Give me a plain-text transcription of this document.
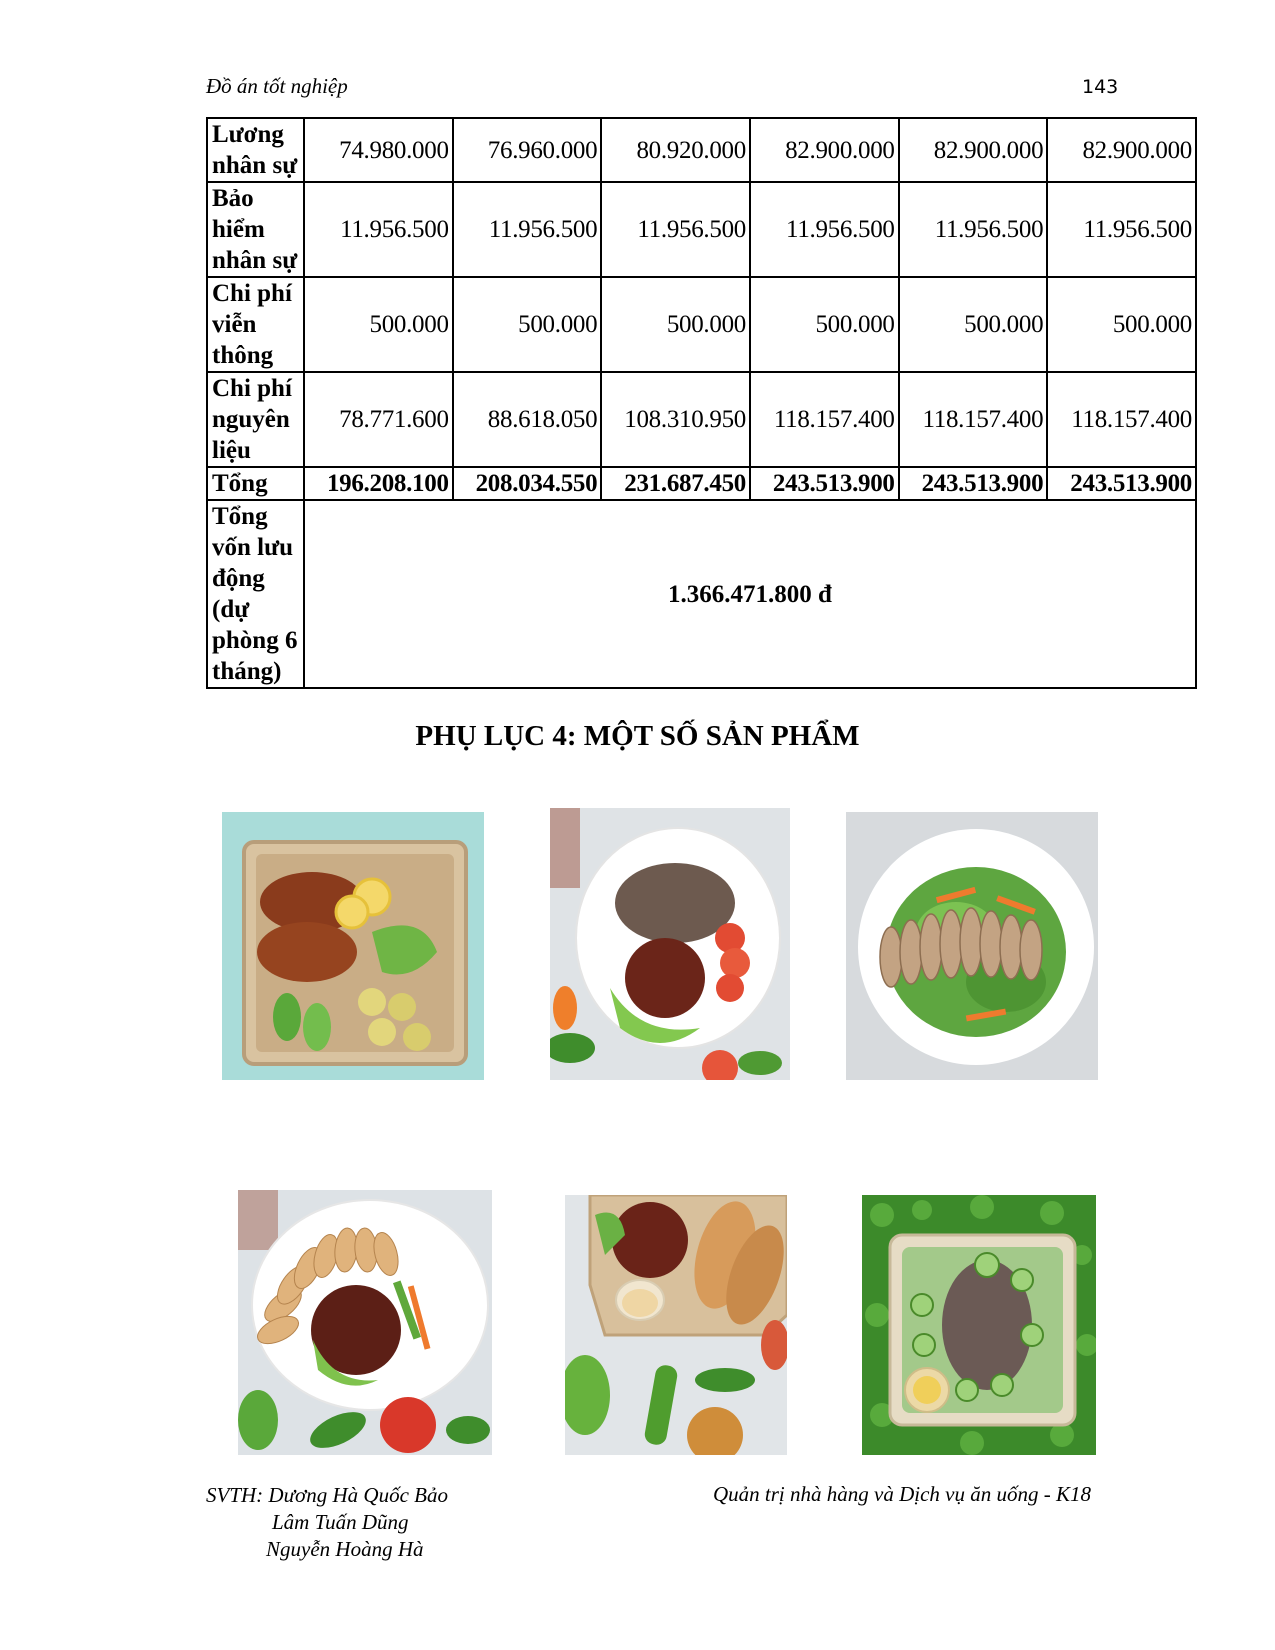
Đồ án tốt nghiệp	143
Lương nhân sự	74.980.000	76.960.000	80.920.000	82.900.000	82.900.000	82.900.000
Bảo hiểm nhân sự	11.956.500	11.956.500	11.956.500	11.956.500	11.956.500	11.956.500
Chi phí viễn thông	500.000	500.000	500.000	500.000	500.000	500.000
Chi phí nguyên liệu	78.771.600	88.618.050	108.310.950	118.157.400	118.157.400	118.157.400
Tổng	196.208.100	208.034.550	231.687.450	243.513.900	243.513.900	243.513.900
Tổng vốn lưu động (dự phòng 6 tháng)	1.366.471.800 đ					
PHỤ LỤC 4: MỘT SỐ SẢN PHẨM
SVTH: Dương Hà Quốc Bảo
Lâm Tuấn Dũng
Nguyễn Hoàng Hà
Quản trị nhà hàng và Dịch vụ ăn uống - K18
